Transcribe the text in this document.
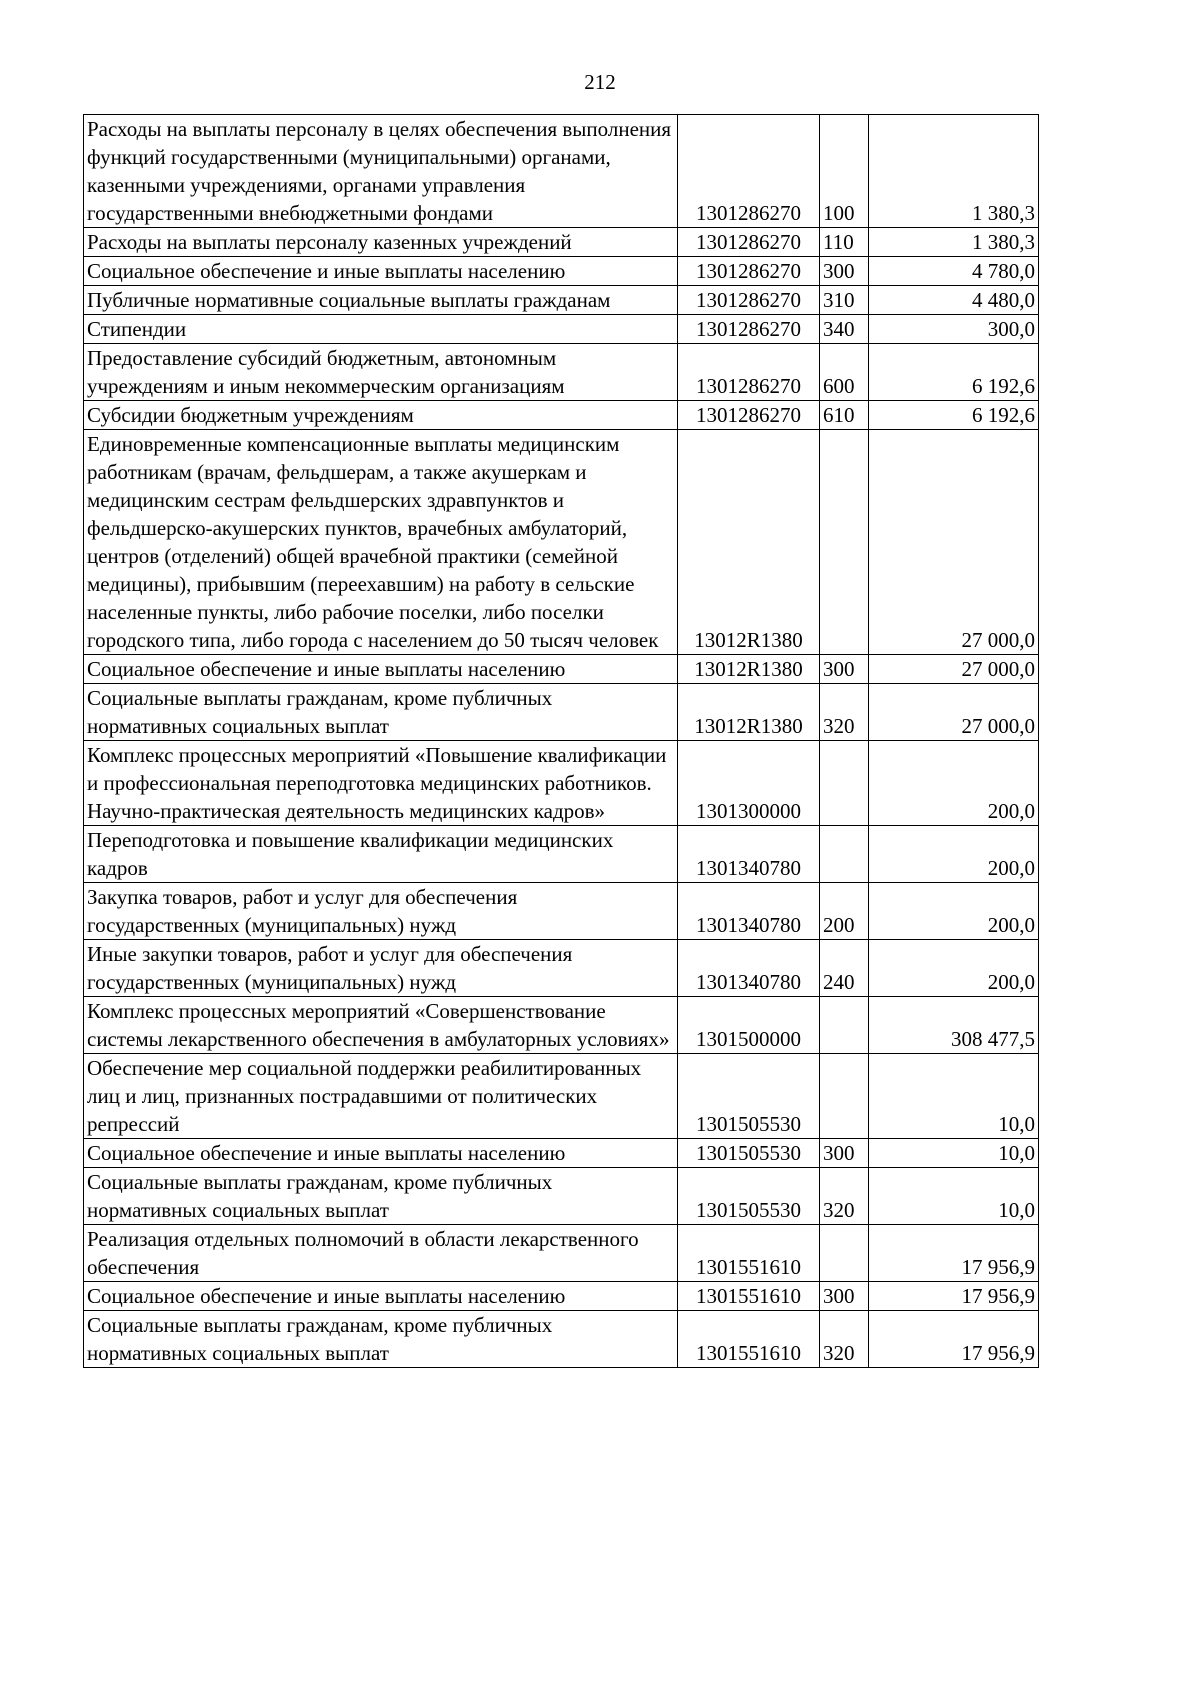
212
Расходы на выплаты персоналу в целях обеспечения выполнения функций государственными (муниципальными) органами, казенными учреждениями, органами управления государственными внебюджетными фондами	1301286270	100	1 380,3
Расходы на выплаты персоналу казенных учреждений	1301286270	110	1 380,3
Социальное обеспечение и иные выплаты населению	1301286270	300	4 780,0
Публичные нормативные социальные выплаты гражданам	1301286270	310	4 480,0
Стипендии	1301286270	340	300,0
Предоставление субсидий бюджетным, автономным учреждениям и иным некоммерческим организациям	1301286270	600	6 192,6
Субсидии бюджетным учреждениям	1301286270	610	6 192,6
Единовременные компенсационные выплаты медицинским работникам (врачам, фельдшерам, а также акушеркам и медицинским сестрам фельдшерских здравпунктов и фельдшерско-акушерских пунктов, врачебных амбулаторий, центров (отделений) общей врачебной практики (семейной медицины), прибывшим (переехавшим) на работу в сельские населенные пункты, либо рабочие поселки, либо поселки городского типа, либо города с населением до 50 тысяч человек	13012R1380		27 000,0
Социальное обеспечение и иные выплаты населению	13012R1380	300	27 000,0
Социальные выплаты гражданам, кроме публичных нормативных социальных выплат	13012R1380	320	27 000,0
Комплекс процессных мероприятий «Повышение квалификации и профессиональная переподготовка медицинских работников. Научно-практическая деятельность медицинских кадров»	1301300000		200,0
Переподготовка и повышение квалификации медицинских кадров	1301340780		200,0
Закупка товаров, работ и услуг для обеспечения государственных (муниципальных) нужд	1301340780	200	200,0
Иные закупки товаров, работ и услуг для обеспечения государственных (муниципальных) нужд	1301340780	240	200,0
Комплекс процессных мероприятий «Совершенствование системы лекарственного обеспечения в амбулаторных условиях»	1301500000		308 477,5
Обеспечение мер социальной поддержки реабилитированных лиц и лиц, признанных пострадавшими от политических репрессий	1301505530		10,0
Социальное обеспечение и иные выплаты населению	1301505530	300	10,0
Социальные выплаты гражданам, кроме публичных нормативных социальных выплат	1301505530	320	10,0
Реализация отдельных полномочий в области лекарственного обеспечения	1301551610		17 956,9
Социальное обеспечение и иные выплаты населению	1301551610	300	17 956,9
Социальные выплаты гражданам, кроме публичных нормативных социальных выплат	1301551610	320	17 956,9
